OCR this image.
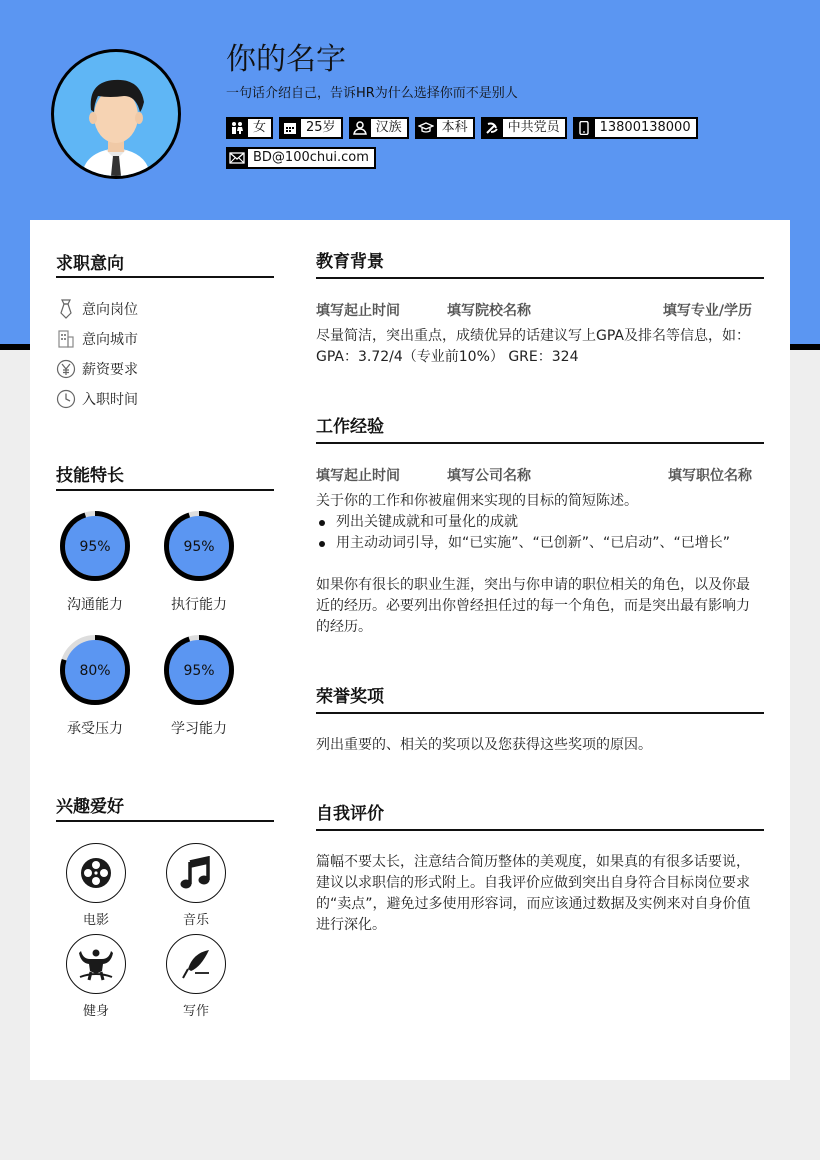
你的名字
一句话介绍自己，告诉HR为什么选择你而不是别人
女	25岁	汉族	本科	中共党员	13800138000
BD@100chui.com
求职意向
意向岗位
意向城市
薪资要求
入职时间
技能特长
95%
沟通能力
95%
执行能力
80%
承受压力
95%
学习能力
兴趣爱好
电影	音乐
健身	写作
教育背景
填写起止时间	填写院校名称	填写专业/学历

尽量简洁，突出重点，成绩优异的话建议写上GPA及排名等信息，如：GPA：3.72/4（专业前10%） GRE：324

工作经验
填写起止时间	填写公司名称	填写职位名称

关于你的工作和你被雇佣来实现的目标的简短陈述。

列出关键成就和可量化的成就
用主动动词引导，如“已实施”、“已创新”、“已启动”、“已增长”

如果你有很长的职业生涯，突出与你申请的职位相关的角色，以及你最近的经历。必要列出你曾经担任过的每一个角色，而是突出最有影响力的经历。

荣誉奖项

列出重要的、相关的奖项以及您获得这些奖项的原因。

自我评价

篇幅不要太长，注意结合简历整体的美观度，如果真的有很多话要说，建议以求职信的形式附上。自我评价应做到突出自身符合目标岗位要求的“卖点”，避免过多使用形容词，而应该通过数据及实例来对自身价值进行深化。
